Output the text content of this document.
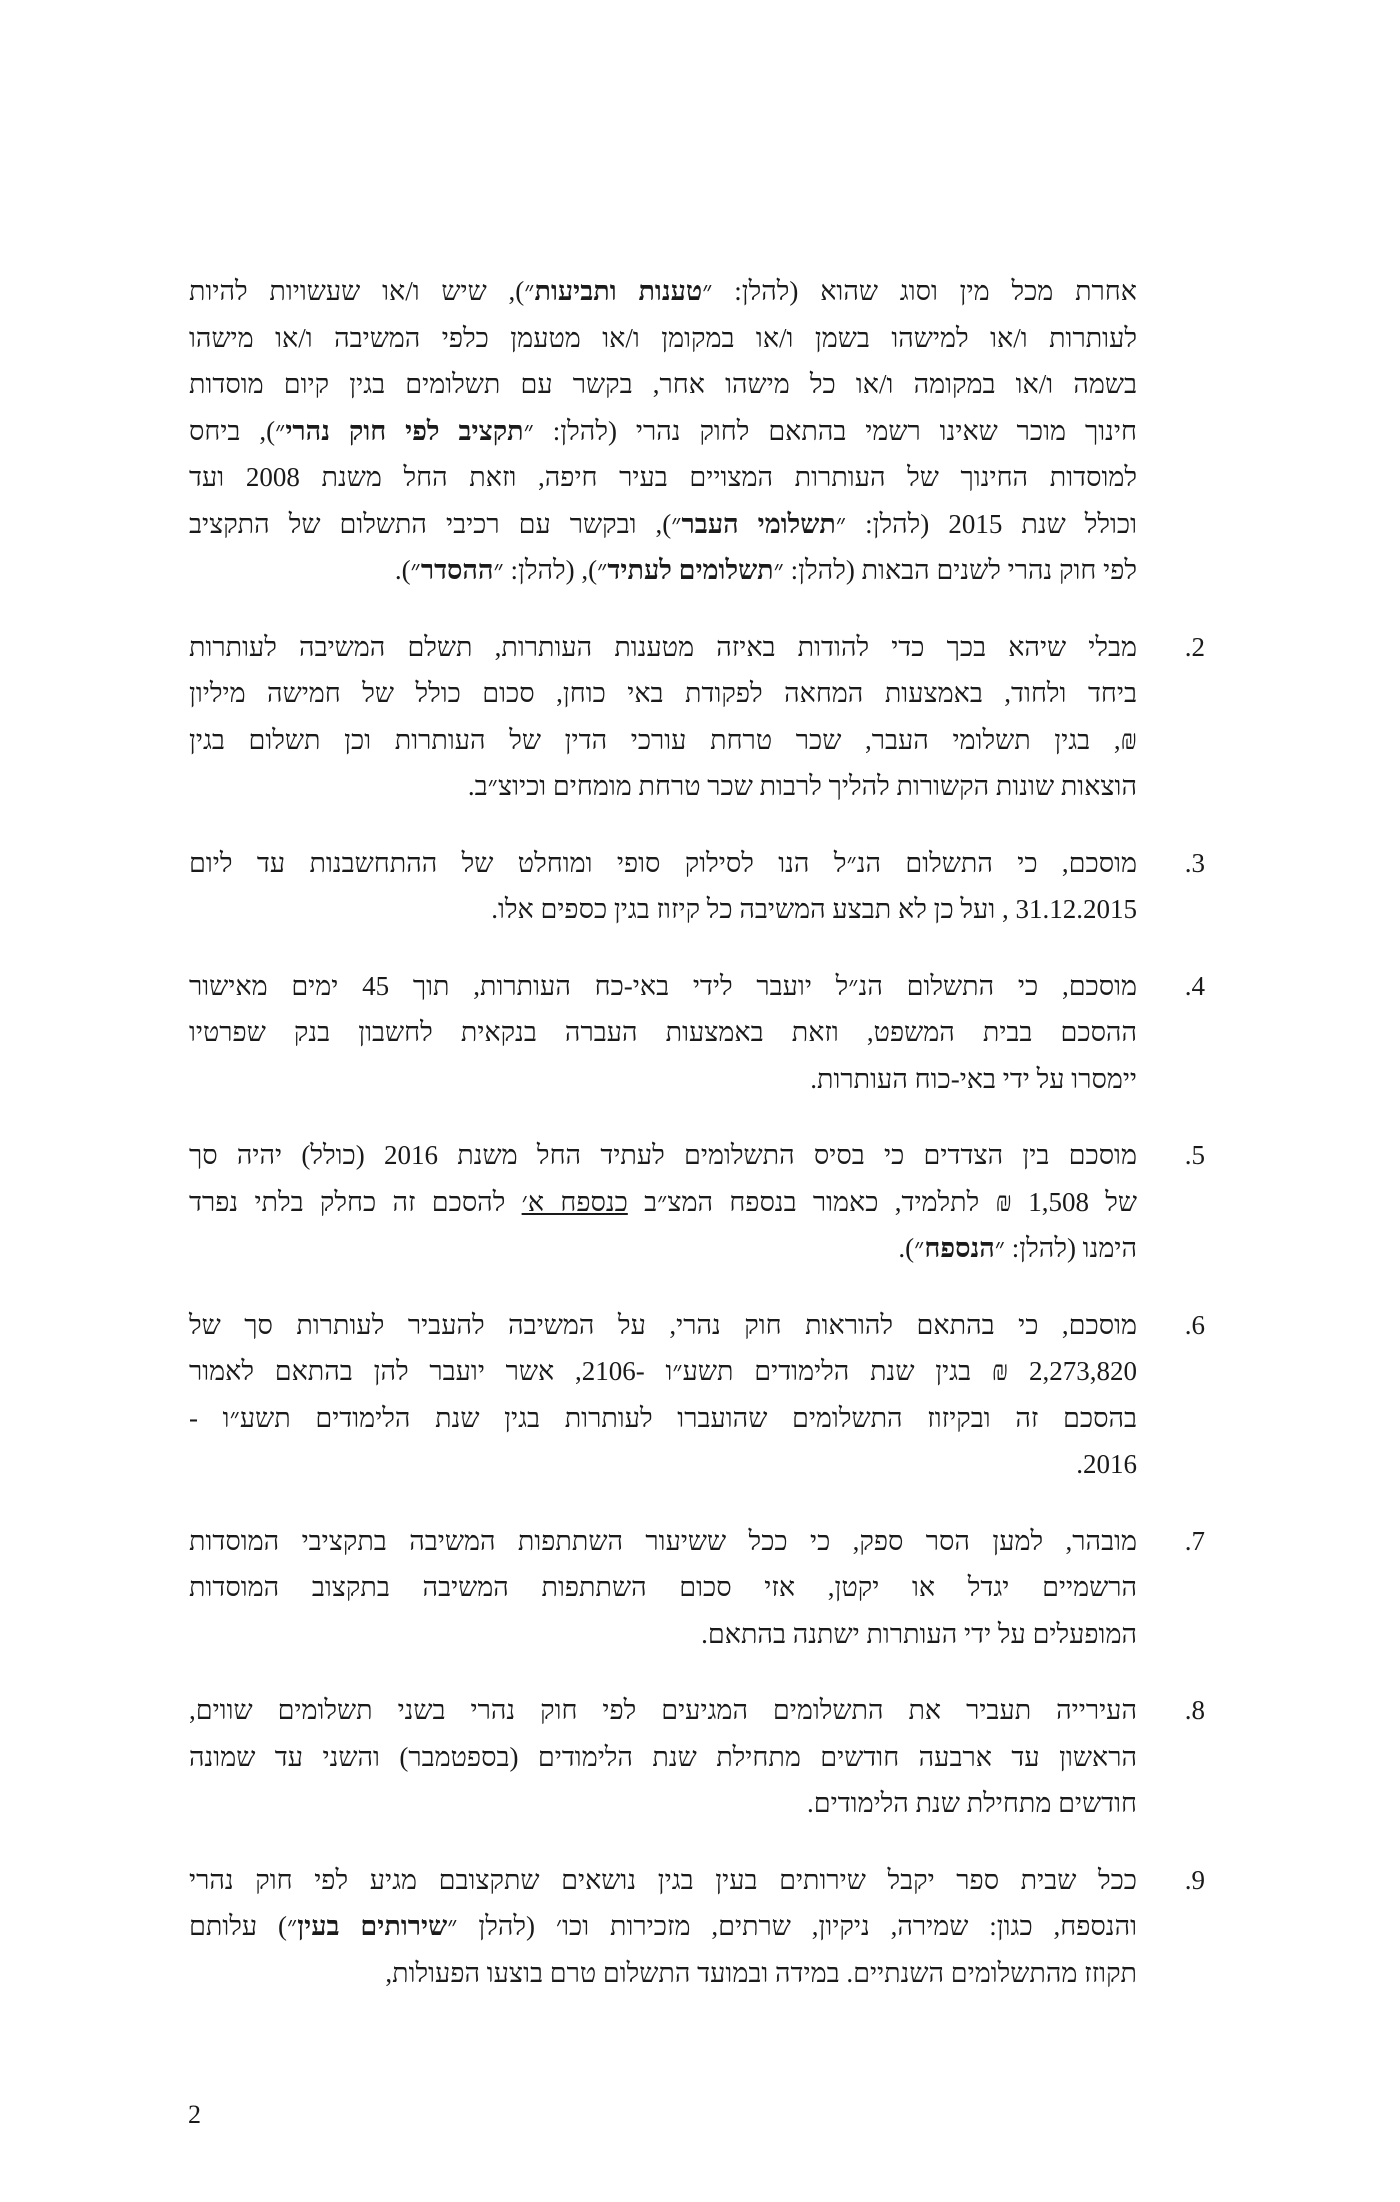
אחרת מכל מין וסוג שהוא (להלן: ״טענות ותביעות״), שיש ו/או שעשויות להיות
לעותרות ו/או למישהו בשמן ו/או במקומן ו/או מטעמן כלפי המשיבה ו/או מישהו
בשמה ו/או במקומה ו/או כל מישהו אחר, בקשר עם תשלומים בגין קיום מוסדות
חינוך מוכר שאינו רשמי בהתאם לחוק נהרי (להלן: ״תקציב לפי חוק נהרי״), ביחס
למוסדות החינוך של העותרות המצויים בעיר חיפה, וזאת החל משנת 2008 ועד
וכולל שנת 2015 (להלן: ״תשלומי העבר״), ובקשר עם רכיבי התשלום של התקציב
לפי חוק נהרי לשנים הבאות (להלן: ״תשלומים לעתיד״), (להלן: ״ההסדר״).
2.
מבלי שיהא בכך כדי להודות באיזה מטענות העותרות, תשלם המשיבה לעותרות
ביחד ולחוד, באמצעות המחאה לפקודת באי כוחן, סכום כולל של חמישה מיליון
₪, בגין תשלומי העבר, שכר טרחת עורכי הדין של העותרות וכן תשלום בגין
הוצאות שונות הקשורות להליך לרבות שכר טרחת מומחים וכיוצ״ב.
3.
מוסכם, כי התשלום הנ״ל הנו לסילוק סופי ומוחלט של ההתחשבנות עד ליום
31.12.2015 , ועל כן לא תבצע המשיבה כל קיזוז בגין כספים אלו.
4.
מוסכם, כי התשלום הנ״ל יועבר לידי באי-כח העותרות, תוך 45 ימים מאישור
ההסכם בבית המשפט, וזאת באמצעות העברה בנקאית לחשבון בנק שפרטיו
יימסרו על ידי באי-כוח העותרות.
5.
מוסכם בין הצדדים כי בסיס התשלומים לעתיד החל משנת 2016 (כולל) יהיה סך
של 1,508 ₪ לתלמיד, כאמור בנספח המצ״ב כנספח א׳ להסכם זה כחלק בלתי נפרד
הימנו (להלן: ״הנספח״).
6.
מוסכם, כי בהתאם להוראות חוק נהרי, על המשיבה להעביר לעותרות סך של
2,273,820 ₪ בגין שנת הלימודים תשע״ו -2106, אשר יועבר להן בהתאם לאמור
בהסכם זה ובקיזוז התשלומים שהועברו לעותרות בגין שנת הלימודים תשע״ו -
2016.
7.
מובהר, למען הסר ספק, כי ככל ששיעור השתתפות המשיבה בתקציבי המוסדות
הרשמיים יגדל או יקטן, אזי סכום השתתפות המשיבה בתקצוב המוסדות
המופעלים על ידי העותרות ישתנה בהתאם.
8.
העירייה תעביר את התשלומים המגיעים לפי חוק נהרי בשני תשלומים שווים,
הראשון עד ארבעה חודשים מתחילת שנת הלימודים (בספטמבר) והשני עד שמונה
חודשים מתחילת שנת הלימודים.
9.
ככל שבית ספר יקבל שירותים בעין בגין נושאים שתקצובם מגיע לפי חוק נהרי
והנספח, כגון: שמירה, ניקיון, שרתים, מזכירות וכו׳ (להלן ״שירותים בעין״) עלותם
תקוזז מהתשלומים השנתיים. במידה ובמועד התשלום טרם בוצעו הפעולות,
2
